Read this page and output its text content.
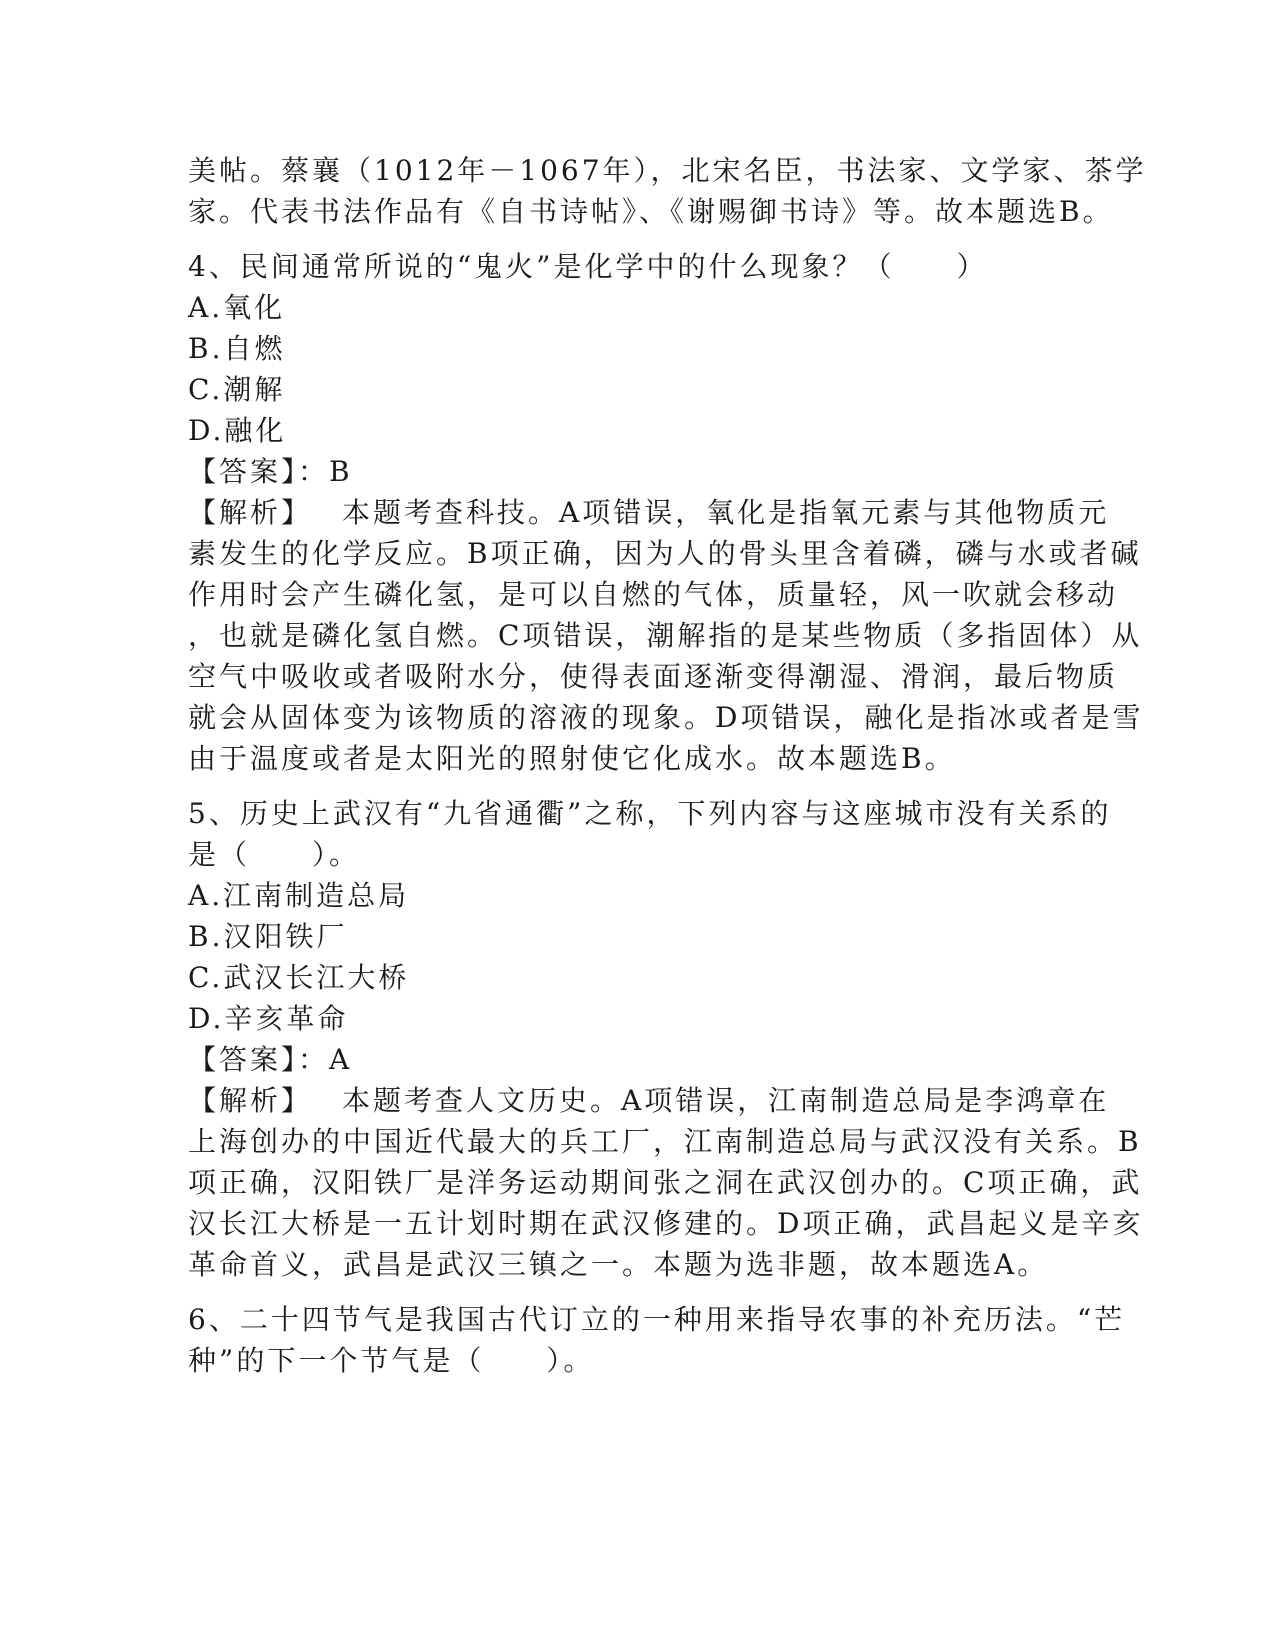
美帖。蔡襄（1012年－1067年），北宋名臣，书法家、文学家、茶学
家。代表书法作品有《自书诗帖》、《谢赐御书诗》等。故本题选B。
4、民间通常所说的“鬼火”是化学中的什么现象？（　　）
A.氧化
B.自燃
C.潮解
D.融化
【答案】：B
【解析】 本题考查科技。A项错误，氧化是指氧元素与其他物质元
素发生的化学反应。B项正确，因为人的骨头里含着磷，磷与水或者碱
作用时会产生磷化氢，是可以自燃的气体，质量轻，风一吹就会移动
，也就是磷化氢自燃。C项错误，潮解指的是某些物质（多指固体）从
空气中吸收或者吸附水分，使得表面逐渐变得潮湿、滑润，最后物质
就会从固体变为该物质的溶液的现象。D项错误，融化是指冰或者是雪
由于温度或者是太阳光的照射使它化成水。故本题选B。
5、历史上武汉有“九省通衢”之称，下列内容与这座城市没有关系的
是（　　）。
A.江南制造总局
B.汉阳铁厂
C.武汉长江大桥
D.辛亥革命
【答案】：A
【解析】 本题考查人文历史。A项错误，江南制造总局是李鸿章在
上海创办的中国近代最大的兵工厂，江南制造总局与武汉没有关系。B
项正确，汉阳铁厂是洋务运动期间张之洞在武汉创办的。C项正确，武
汉长江大桥是一五计划时期在武汉修建的。D项正确，武昌起义是辛亥
革命首义，武昌是武汉三镇之一。本题为选非题，故本题选A。
6、二十四节气是我国古代订立的一种用来指导农事的补充历法。“芒
种”的下一个节气是（　　）。
